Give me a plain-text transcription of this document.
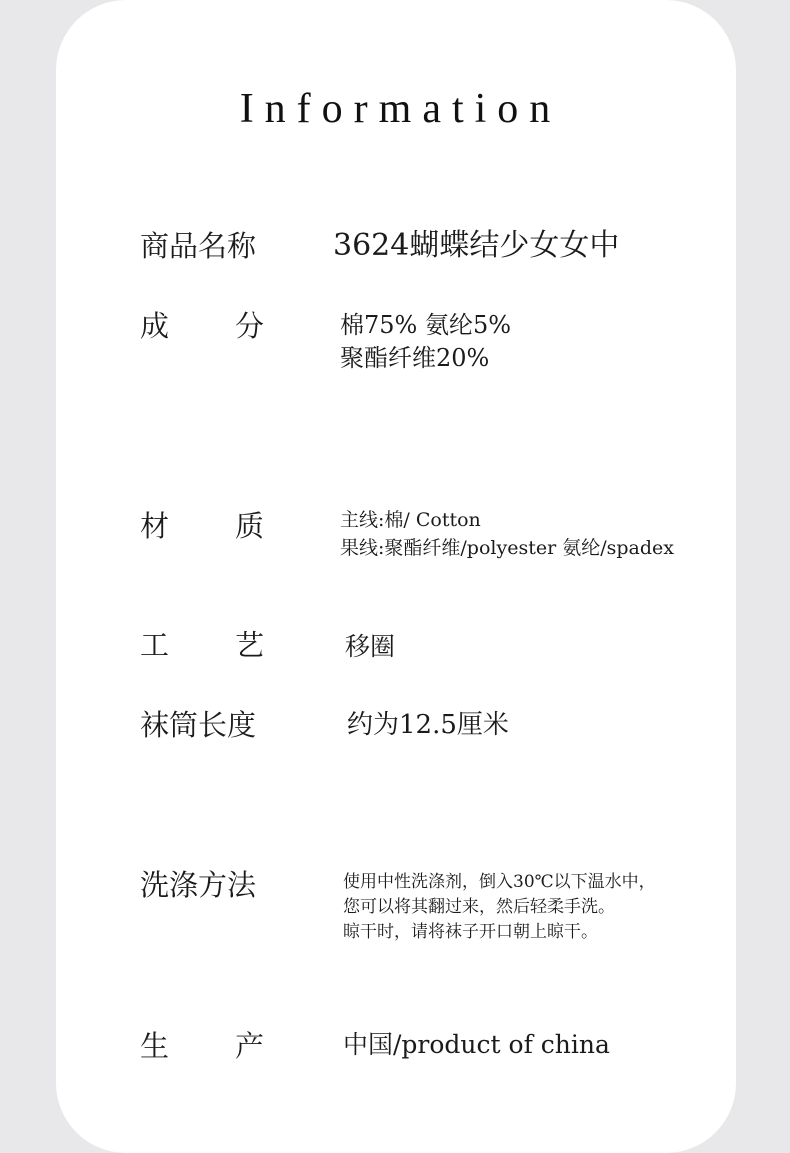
Information
商品名称	3624蝴蝶结少女女中
成 分	棉75% 氨纶5%
聚酯纤维20%
材 质	主线:棉/ Cotton
果线:聚酯纤维/polyester 氨纶/spadex
工 艺	移圈
袜筒长度	约为12.5厘米
洗涤方法	使用中性洗涤剂，倒入30℃以下温水中，
您可以将其翻过来，然后轻柔手洗。
晾干时，请将袜子开口朝上晾干。
生 产	中国/product of china
